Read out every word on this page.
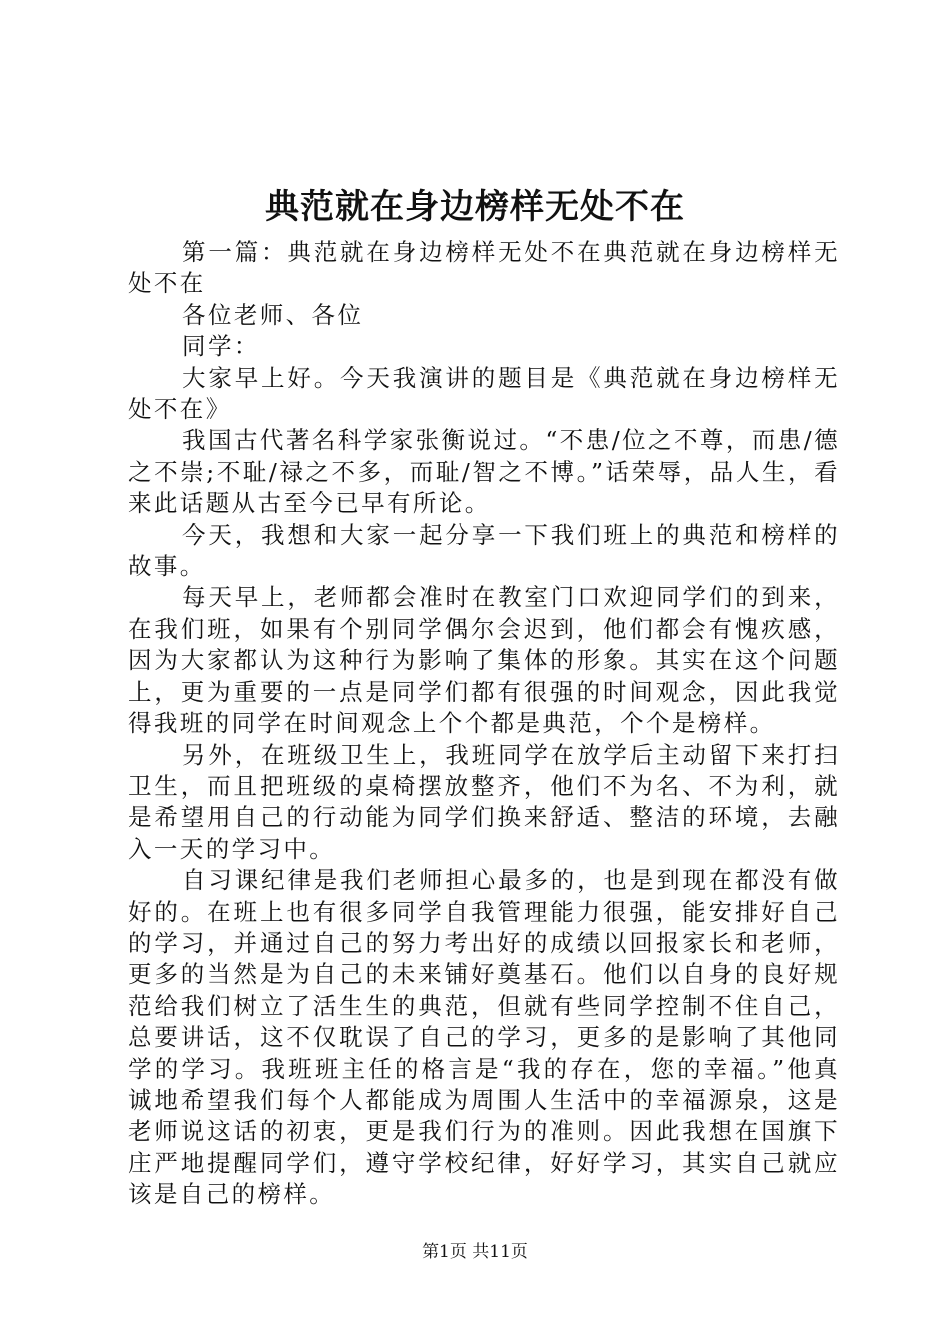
典范就在身边榜样无处不在

第一篇：典范就在身边榜样无处不在典范就在身边榜样无处不在

各位老师、各位

同学：

大家早上好。今天我演讲的题目是《典范就在身边榜样无处不在》

我国古代著名科学家张衡说过。“不患/位之不尊，而患/德之不崇;不耻/禄之不多，而耻/智之不博。”话荣辱，品人生，看来此话题从古至今已早有所论。

今天，我想和大家一起分享一下我们班上的典范和榜样的故事。

每天早上，老师都会准时在教室门口欢迎同学们的到来，在我们班，如果有个别同学偶尔会迟到，他们都会有愧疚感，因为大家都认为这种行为影响了集体的形象。其实在这个问题上，更为重要的一点是同学们都有很强的时间观念，因此我觉得我班的同学在时间观念上个个都是典范，个个是榜样。

另外，在班级卫生上，我班同学在放学后主动留下来打扫卫生，而且把班级的桌椅摆放整齐，他们不为名、不为利，就是希望用自己的行动能为同学们换来舒适、整洁的环境，去融入一天的学习中。

自习课纪律是我们老师担心最多的，也是到现在都没有做好的。在班上也有很多同学自我管理能力很强，能安排好自己的学习，并通过自己的努力考出好的成绩以回报家长和老师，更多的当然是为自己的未来铺好奠基石。他们以自身的良好规范给我们树立了活生生的典范，但就有些同学控制不住自己，总要讲话，这不仅耽误了自己的学习，更多的是影响了其他同学的学习。我班班主任的格言是“我的存在，您的幸福。”他真诚地希望我们每个人都能成为周围人生活中的幸福源泉，这是老师说这话的初衷，更是我们行为的准则。因此我想在国旗下庄严地提醒同学们，遵守学校纪律，好好学习，其实自己就应该是自己的榜样。

第1页 共11页
